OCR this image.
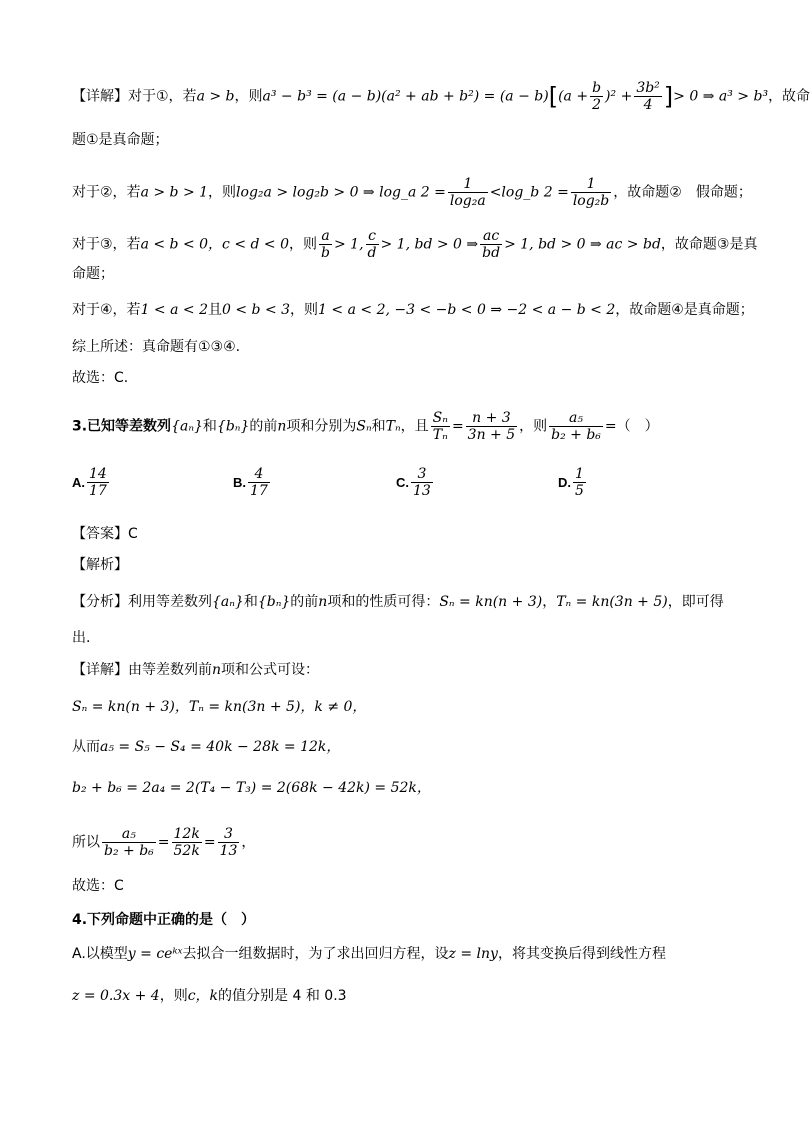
【详解】对于①，若a > b，则a³ − b³ = (a − b)(a² + ab + $b^2) = (a - b)[(a + \frac{b}{2} )^2 + \frac{\text{3b²}}{4}$ ]> 0 ⇒ a³ > b³，故命
题①是真命题；
对于②，若a > b > 1，则log₂a > log₂b > 0 ⇒ log_a $2 = \frac{1}{\text{log₂a}}$ <log_b $2 = \frac{1}{\text{log₂b}}$ ，故命题②　假命题；
对于③，若a < b < 0，c < d < 0，则 $\frac{a}{b} > 1$, $\frac{c}{d} > 1$, bd > 0 ⇒ $\frac{ac}{bd} > 1$, bd > 0 ⇒ ac > bd，故命题③是真
命题；
对于④，若1 < a < 2且0 < b < 3，则1 < a < 2, −3 < −b < 0 ⇒ −2 < a − b < 2，故命题④是真命题；
综上所述：真命题有①③④.
故选：C.
3.已知等差数列{aₙ}和{bₙ}的前n项和分别为Sₙ和Tₙ，且 $\frac{\text{Sₙ}}{\text{Tₙ}} = \frac{n + 3}{3n + 5}$ ，则 $\frac{\text{a₅}}{\text{b₂ + b₆}}$ =（　）
A. $\frac{14}{17}$	B. $\frac{4}{17}$	C. $\frac{3}{13}$	D. $\frac{1}{5}$
【答案】C
【解析】
【分析】利用等差数列{aₙ}和{bₙ}的前n项和的性质可得：Sₙ = kn(n + 3)，Tₙ = kn(3n + 5)，即可得
出.
【详解】由等差数列前n项和公式可设：
Sₙ = kn(n + 3)，Tₙ = kn(3n + 5)，k ≠ 0，
从而a₅ = S₅ − S₄ = 40k − 28k = 12k，
b₂ + b₆ = 2a₄ = 2(T₄ − T₃) = 2(68k − 42k) = 52k，
所以 $\frac{\text{a₅}}{\text{b₂ + b₆}} = \frac{12k}{52k} = \frac{3}{13}$ ，
故选：C
4.下列命题中正确的是（　）
A.以模型y = ceᵏˣ去拟合一组数据时，为了求出回归方程，设z = lny，将其变换后得到线性方程
z = 0.3x + 4，则c，k的值分别是 4 和 0.3
